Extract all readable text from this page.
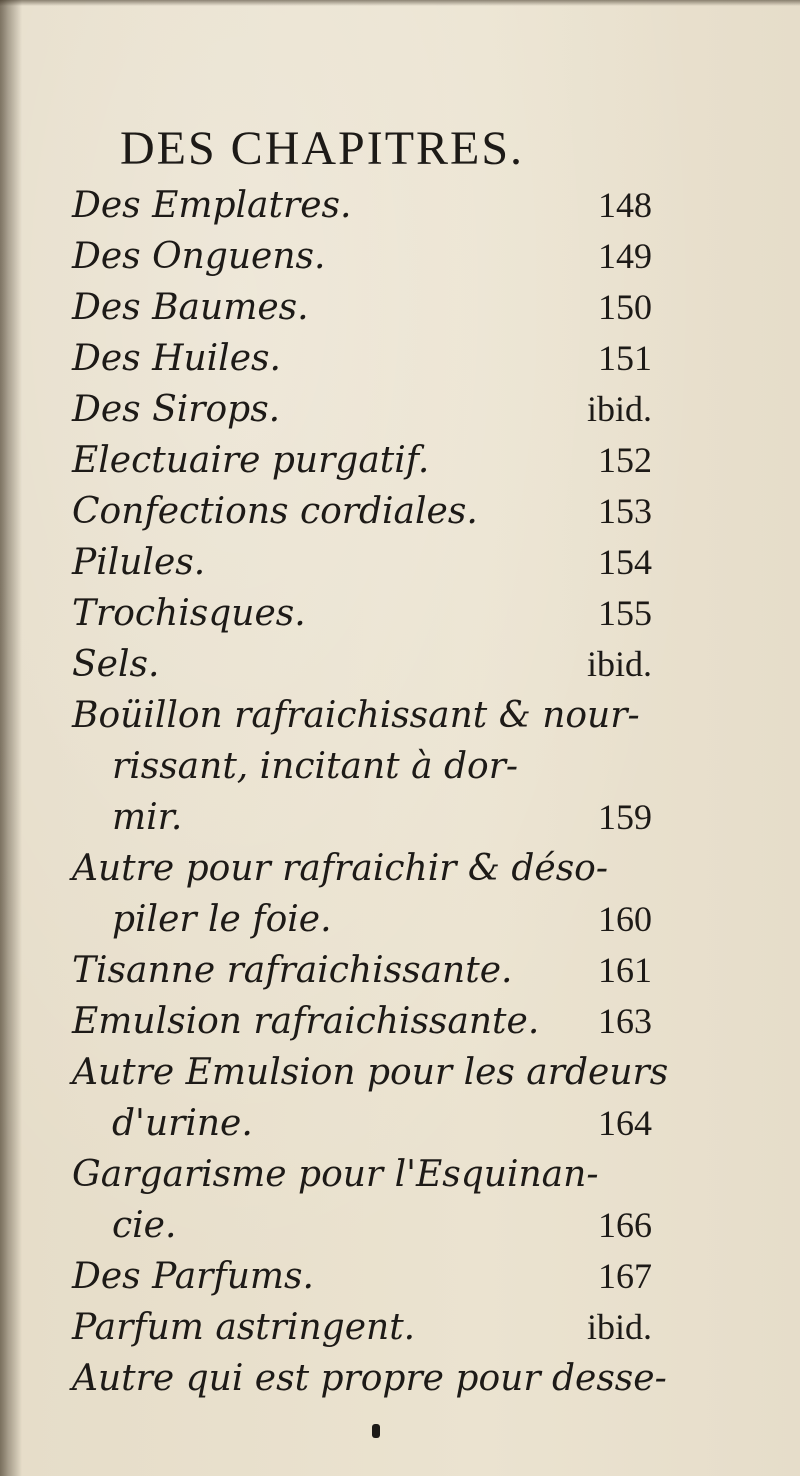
DES CHAPITRES.
Des Emplatres.	148
Des Onguens.	149
Des Baumes.	150
Des Huiles.	151
Des Sirops.	ibid.
Electuaire purgatif.	152
Confections cordiales.	153
Pilules.	154
Trochisques.	155
Sels.	ibid.
Boüillon rafraichissant & nour-
rissant, incitant à dor-
mir.	159
Autre pour rafraichir & déso-
piler le foie.	160
Tisanne rafraichissante. 161
Emulsion rafraichissante. 163
Autre Emulsion pour les ardeurs
d'urine.	164
Gargarisme pour l'Esquinan-
cie.	166
Des Parfums.	167
Parfum astringent.	ibid.
Autre qui est propre pour desse-
